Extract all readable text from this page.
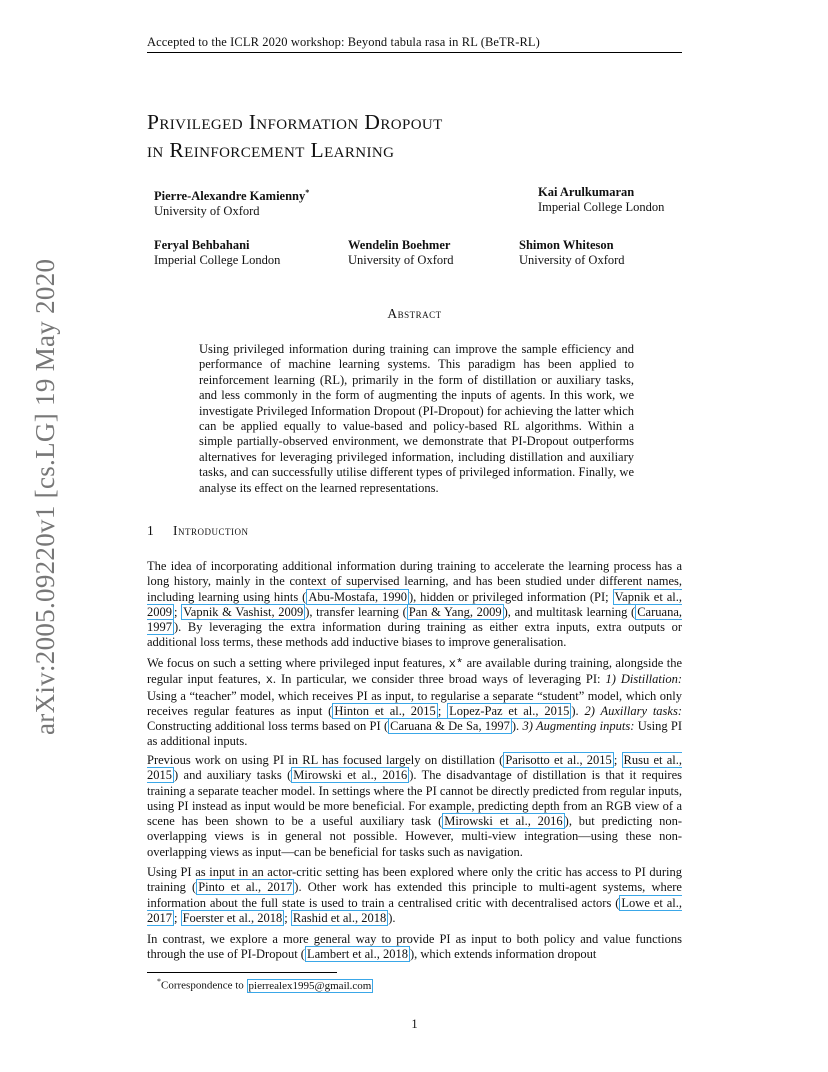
Accepted to the ICLR 2020 workshop: Beyond tabula rasa in RL (BeTR-RL)
Privileged Information Dropout
in Reinforcement Learning
Pierre-Alexandre Kamienny*
University of Oxford
Kai Arulkumaran
Imperial College London
Feryal Behbahani
Imperial College London
Wendelin Boehmer
University of Oxford
Shimon Whiteson
University of Oxford
arXiv:2005.09220v1 [cs.LG] 19 May 2020	Abstract
Using privileged information during training can improve the sample efficiency and performance of machine learning systems. This paradigm has been applied to reinforcement learning (RL), primarily in the form of distillation or auxiliary tasks, and less commonly in the form of augmenting the inputs of agents. In this work, we investigate Privileged Information Dropout (PI-Dropout) for achieving the latter which can be applied equally to value-based and policy-based RL algorithms. Within a simple partially-observed environment, we demonstrate that PI-Dropout outperforms alternatives for leveraging privileged information, including distillation and auxiliary tasks, and can successfully utilise different types of privileged information. Finally, we analyse its effect on the learned representations.
1 Introduction

The idea of incorporating additional information during training to accelerate the learning process has a long history, mainly in the context of supervised learning, and has been studied under different names, including learning using hints ( Abu-Mostafa, 1990 ), hidden or privileged information (PI; Vapnik et al., 2009 ; Vapnik & Vashist, 2009 ), transfer learning ( Pan & Yang, 2009 ), and multitask learning ( Caruana, 1997 ). By leveraging the extra information during training as either extra inputs, extra outputs or additional loss terms, these methods add inductive biases to improve generalisation.

We focus on such a setting where privileged input features, x* are available during training, alongside the regular input features, x. In particular, we consider three broad ways of leveraging PI: 1) Distillation: Using a “teacher” model, which receives PI as input, to regularise a separate “student” model, which only receives regular features as input ( Hinton et al., 2015 ; Lopez-Paz et al., 2015 ). 2) Auxillary tasks: Constructing additional loss terms based on PI ( Caruana & De Sa, 1997 ). 3) Augmenting inputs: Using PI as additional inputs.

Previous work on using PI in RL has focused largely on distillation ( Parisotto et al., 2015 ; Rusu et al., 2015 ) and auxiliary tasks ( Mirowski et al., 2016 ). The disadvantage of distillation is that it requires training a separate teacher model. In settings where the PI cannot be directly predicted from regular inputs, using PI instead as input would be more beneficial. For example, predicting depth from an RGB view of a scene has been shown to be a useful auxiliary task ( Mirowski et al., 2016 ), but predicting non-overlapping views is in general not possible. However, multi-view integration—using these non-overlapping views as input—can be beneficial for tasks such as navigation.

Using PI as input in an actor-critic setting has been explored where only the critic has access to PI during training ( Pinto et al., 2017 ). Other work has extended this principle to multi-agent systems, where information about the full state is used to train a centralised critic with decentralised actors ( Lowe et al., 2017 ; Foerster et al., 2018 ; Rashid et al., 2018 ).

In contrast, we explore a more general way to provide PI as input to both policy and value functions through the use of PI-Dropout ( Lambert et al., 2018 ), which extends information dropout

*Correspondence to pierrealex1995@gmail.com
1
